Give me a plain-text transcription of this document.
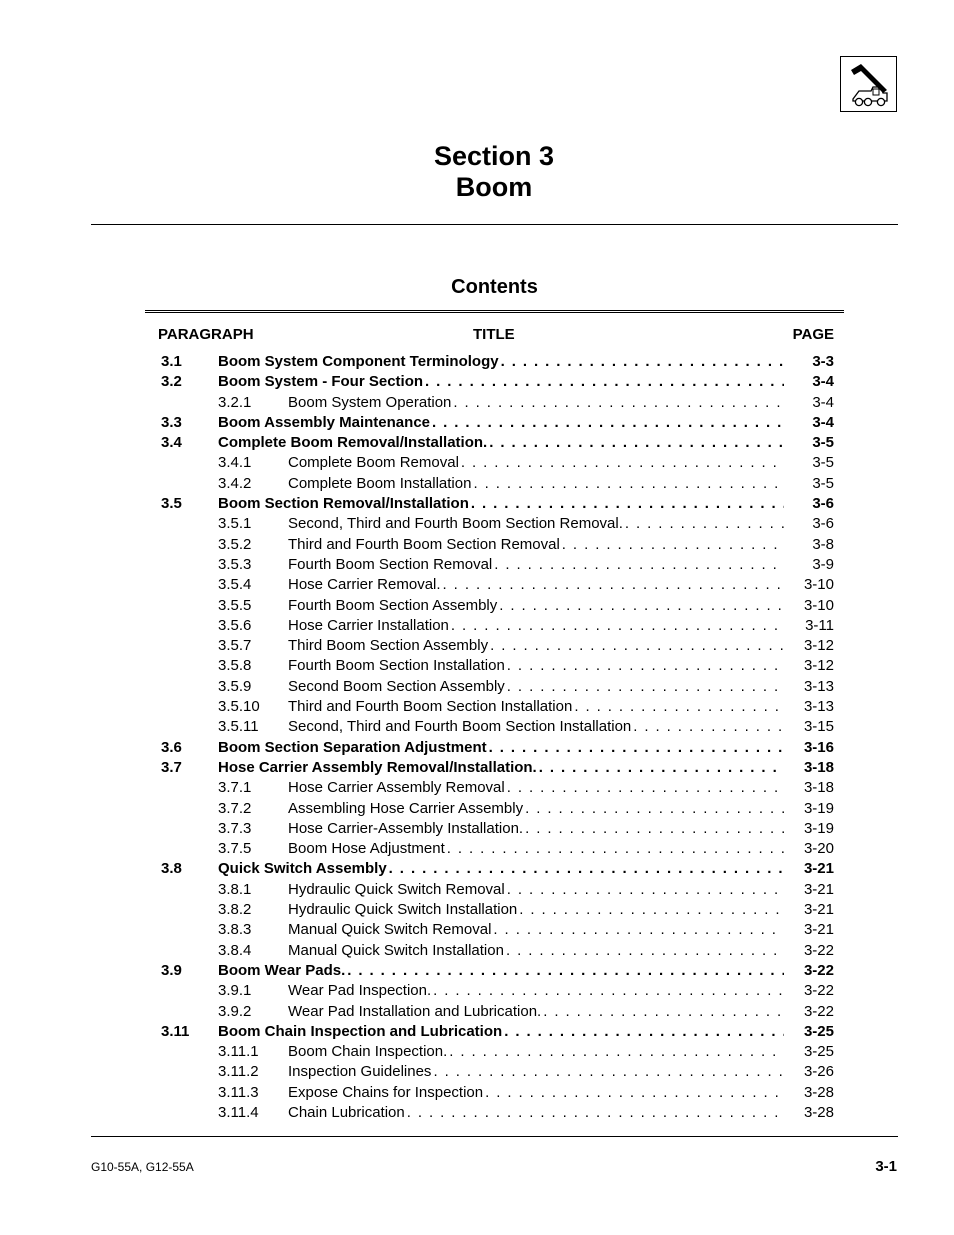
Section 3
Boom
Contents
PARAGRAPH	TITLE	PAGE
3.1 Boom System Component Terminology . . .	3-3
3.2 Boom System - Four Section . . .	3-4
3.2.1 Boom System Operation . . .	3-4
3.3 Boom Assembly Maintenance . . .	3-4
3.4 Complete Boom Removal/Installation. . . .	3-5
3.4.1 Complete Boom Removal . . .	3-5
3.4.2 Complete Boom Installation . . .	3-5
3.5 Boom Section Removal/Installation . . .	3-6
3.5.1 Second, Third and Fourth Boom Section Removal. . . .	3-6
3.5.2 Third and Fourth Boom Section Removal . . .	3-8
3.5.3 Fourth Boom Section Removal . . .	3-9
3.5.4 Hose Carrier Removal. . . .	3-10
3.5.5 Fourth Boom Section Assembly . . .	3-10
3.5.6 Hose Carrier Installation . . .	3-11
3.5.7 Third Boom Section Assembly . . .	3-12
3.5.8 Fourth Boom Section Installation . . .	3-12
3.5.9 Second Boom Section Assembly . . .	3-13
3.5.10 Third and Fourth Boom Section Installation . . .	3-13
3.5.11 Second, Third and Fourth Boom Section Installation . . .	3-15
3.6 Boom Section Separation Adjustment . . .	3-16
3.7 Hose Carrier Assembly Removal/Installation. . . .	3-18
3.7.1 Hose Carrier Assembly Removal . . .	3-18
3.7.2 Assembling Hose Carrier Assembly . . .	3-19
3.7.3 Hose Carrier-Assembly Installation. . . .	3-19
3.7.5 Boom Hose Adjustment . . .	3-20
3.8 Quick Switch Assembly . . .	3-21
3.8.1 Hydraulic Quick Switch Removal . . .	3-21
3.8.2 Hydraulic Quick Switch Installation . . .	3-21
3.8.3 Manual Quick Switch Removal . . .	3-21
3.8.4 Manual Quick Switch Installation . . .	3-22
3.9 Boom Wear Pads. . . .	3-22
3.9.1 Wear Pad Inspection. . . .	3-22
3.9.2 Wear Pad Installation and Lubrication. . . .	3-22
3.11 Boom Chain Inspection and Lubrication . . .	3-25
3.11.1 Boom Chain Inspection. . . .	3-25
3.11.2 Inspection Guidelines . . .	3-26
3.11.3 Expose Chains for Inspection . . .	3-28
3.11.4 Chain Lubrication . . .	3-28
G10-55A, G12-55A	3-1
